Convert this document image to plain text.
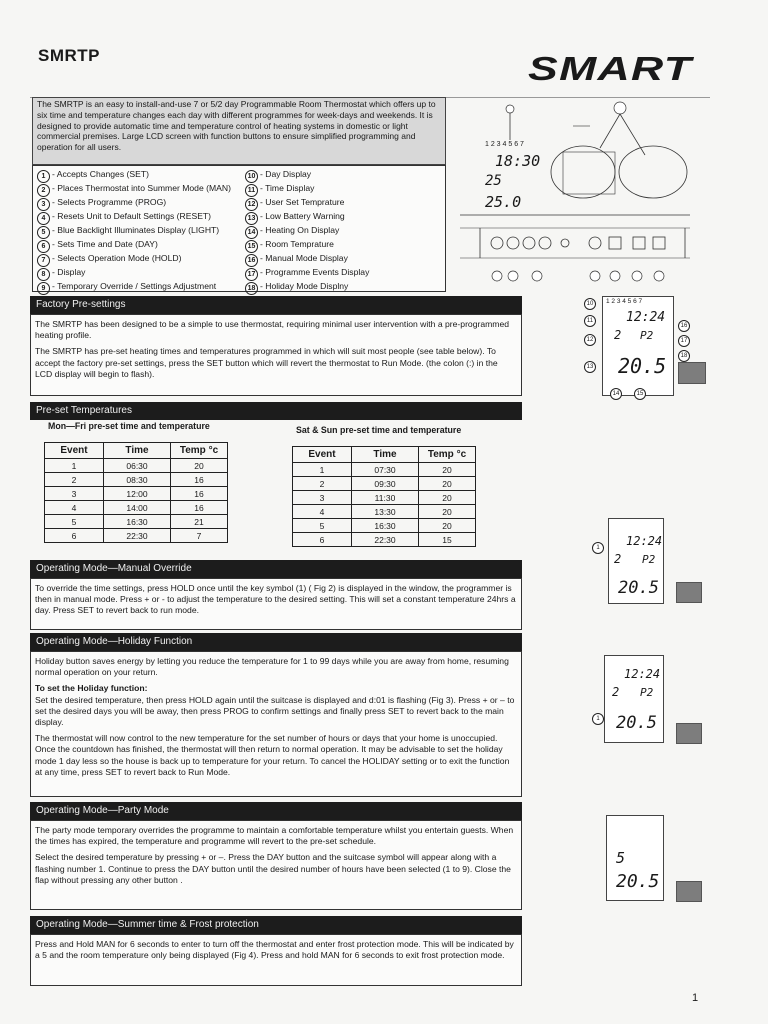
SMRTP	SMART
The SMRTP is an easy to install-and-use 7 or 5/2 day Programmable Room Thermostat which offers up to six time and temperature changes each day with different programmes for week-days and weekends. It is designed to provide automatic time and temperature control of heating systems in domestic or light commercial premises. Large LCD screen with function buttons to ensure simplified programming and operation for all users.
1 - Accepts Changes (SET)
2 - Places Thermostat into Summer Mode (MAN)
3 - Selects Programme (PROG)
4 - Resets Unit to Default Settings (RESET)
5 - Blue Backlight Illuminates Display (LIGHT)
6 - Sets Time and Date (DAY)
7 - Selects Operation Mode (HOLD)
8 - Display
9 - Temporary Override / Settings Adjustment
10 - Day Display
11 - Time Display
12 - User Set Temprature
13 - Low Battery Warning
14 - Heating On Display
15 - Room Temprature
16 - Manual Mode Display
17 - Programme Events Display
18 - Holiday Mode Displny
1 2 3 4 5 6 7
18:30
25
25.0
1 2 3 4 5 6 7
12:24
2 P2
20.5
10
11
12
13
16
17
18
14	15
12:24
2 P2
20.5
1
12:24
2 P2
20.5
1
5
20.5
Factory Pre-settings

The SMRTP has been designed to be a simple to use thermostat, requiring minimal user intervention with a pre-programmed heating profile.

The SMRTP has pre-set heating times and temperatures programmed in which will suit most people (see table below). To accept the factory pre-set settings, press the SET button which will revert the thermostat to Run Mode. (the colon (:) in the LCD display will begin to flash).

Pre-set Temperatures
Mon—Fri pre-set time and temperature	Sat & Sun pre-set time and temperature
Event	Time	Temp °c
1	06:30	20
2	08:30	16
3	12:00	16
4	14:00	16
5	16:30	21
6	22:30	7
Event	Time	Temp °c
1	07:30	20
2	09:30	20
3	11:30	20
4	13:30	20
5	16:30	20
6	22:30	15
Operating Mode—Manual Override
To override the time settings, press HOLD once until the key symbol (1) ( Fig 2) is displayed in the window, the programmer is then in manual mode. Press + or - to adjust the temperature to the desired setting. This will set a constant temperature 24hrs a day. Press SET to revert back to run mode.
Operating Mode—Holiday Function

Holiday button saves energy by letting you reduce the temperature for 1 to 99 days while you are away from home, resuming normal operation on your return.

To set the Holiday function:

Set the desired temperature, then press HOLD again until the suitcase is displayed and d:01 is flashing (Fig 3). Press + or – to set the desired days you will be away, then press PROG to confirm settings and finally press SET to revert back to the main display.

The thermostat will now control to the new temperature for the set number of hours or days that your home is unoccupied. Once the countdown has finished, the thermostat will then return to normal operation. It may be advisable to set the holiday mode 1 day less so the house is back up to temperature for your return. To cancel the HOLIDAY setting or to exit the function at any time, press SET to revert back to Run Mode.

Operating Mode—Party Mode

The party mode temporary overrides the programme to maintain a comfortable temperature whilst you entertain guests. When the times has expired, the temperature and programme will revert to the pre-set schedule.

Select the desired temperature by pressing + or –. Press the DAY button and the suitcase symbol will appear along with a flashing number 1. Continue to press the DAY button until the desired number of hours have been selected (1 to 9). Close the flap without pressing any other button .

Operating Mode—Summer time & Frost protection
Press and Hold MAN for 6 seconds to enter to turn off the thermostat and enter frost protection mode. This will be indicated by a 5 and the room temperature only being displayed (Fig 4). Press and hold MAN for 6 seconds to exit frost protection mode.
1
